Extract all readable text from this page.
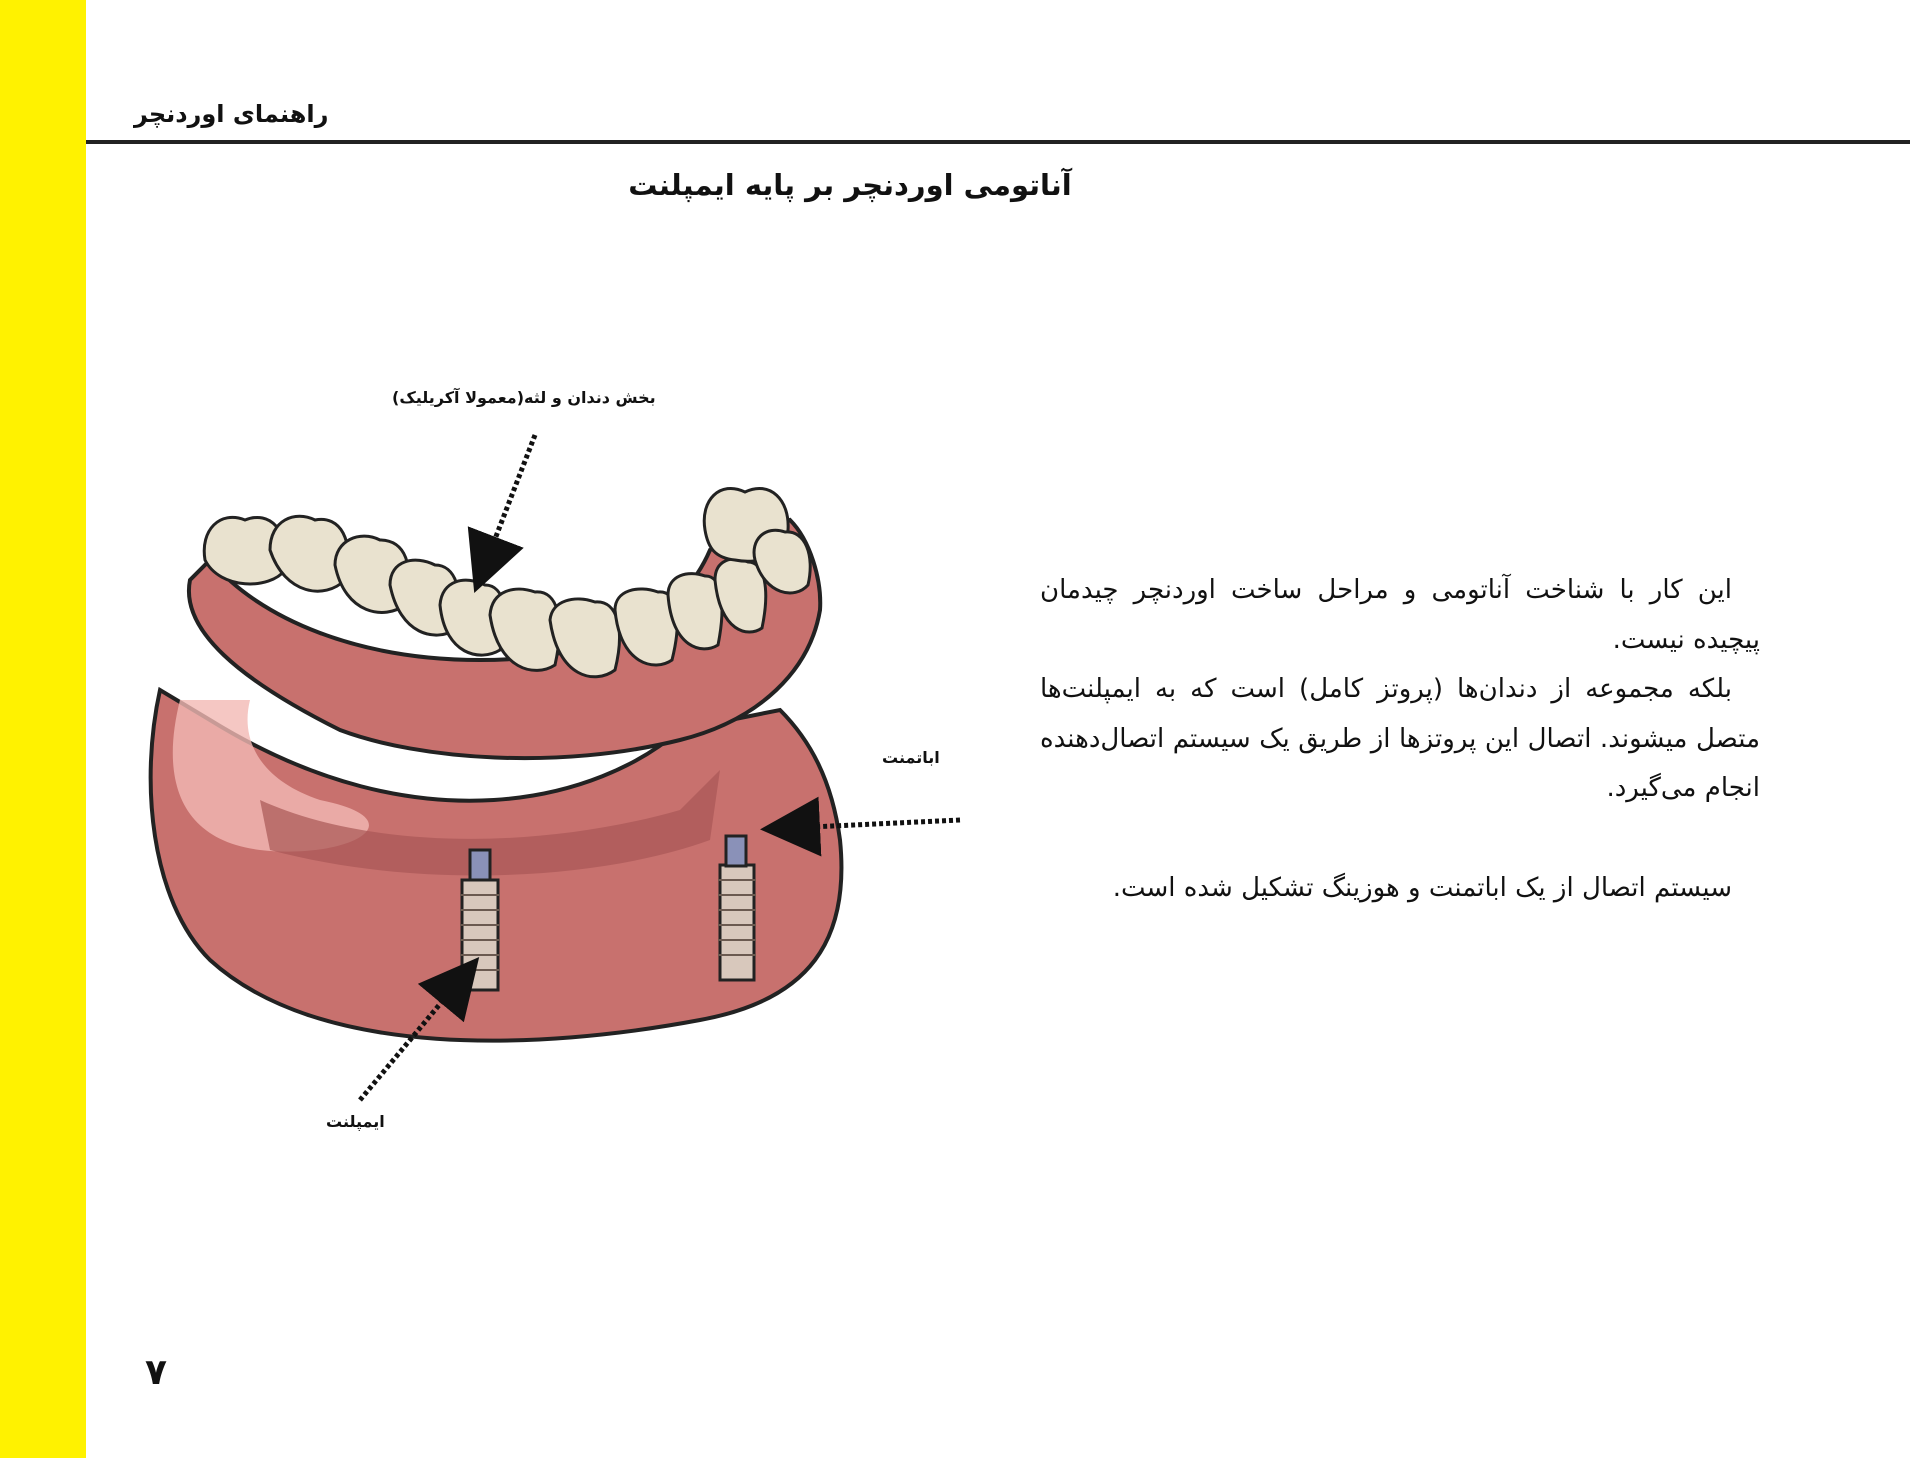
راهنمای اوردنچر
آناتومی اوردنچر بر پایه ایمپلنت
بخش دندان و لثه(معمولا آکریلیک)
اباتمنت
ایمپلنت

این کار با شناخت آناتومی و مراحل ساخت اوردنچر چیدمان پیچیده نیست.

بلکه مجموعه از دندان‌ها (پروتز کامل) است که به ایمپلنت‌ها متصل میشوند. اتصال این پروتزها از طریق یک سیستم اتصال‌دهنده انجام می‌گیرد.

سیستم اتصال از یک اباتمنت و هوزینگ تشکیل شده است.

۷
